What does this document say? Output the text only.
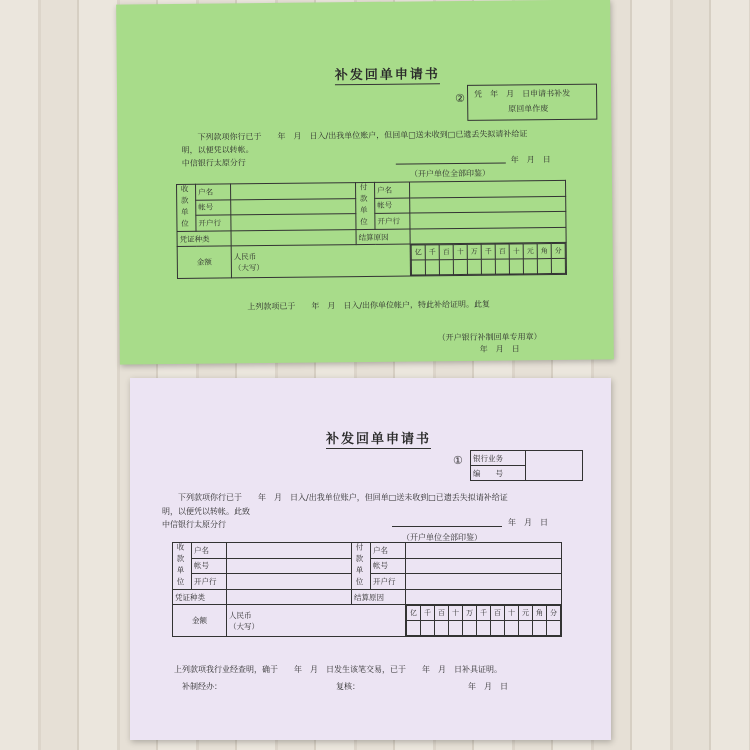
补发回单申请书
② 凭　年　月　日申请书补发
原回单作废
下列款项你行已于　　年　月　日入/出我单位账户，但回单□送未收到□已遗丢失拟请补给证
明，以便凭以转帐。
中信银行太原分行	年　月　日
（开户单位全部印鉴）
收款单位	户名		付款单位	户名	
帐号		帐号	
开户行		开户行	
凭证种类		结算原因	
金额	
人民币
（大写）

亿	千	百	十	万	千	百	十	元	角	分

上列款项已于　　年　月　日入/出你单位帐户，特此补给证明。此复
（开户银行补制回单专用章）
年　月　日
补发回单申请书
① 银行业务	
编　　号
下列款项你行已于　　年　月　日入/出我单位账户，但回单□送未收到□已遗丢失拟请补给证
明，以便凭以转帐。此致
中信银行太原分行	年　月　日
（开户单位全部印鉴）
收款单位	户名		付款单位	户名	
帐号		帐号	
开户行		开户行	
凭证种类		结算原因	
金额	
人民币
（大写）

亿	千	百	十	万	千	百	十	元	角	分

上列款项我行业经查明，确于　　年　月　日发生该笔交易，已于　　年　月　日补具证明。
补制经办：	复核：	年　月　日
